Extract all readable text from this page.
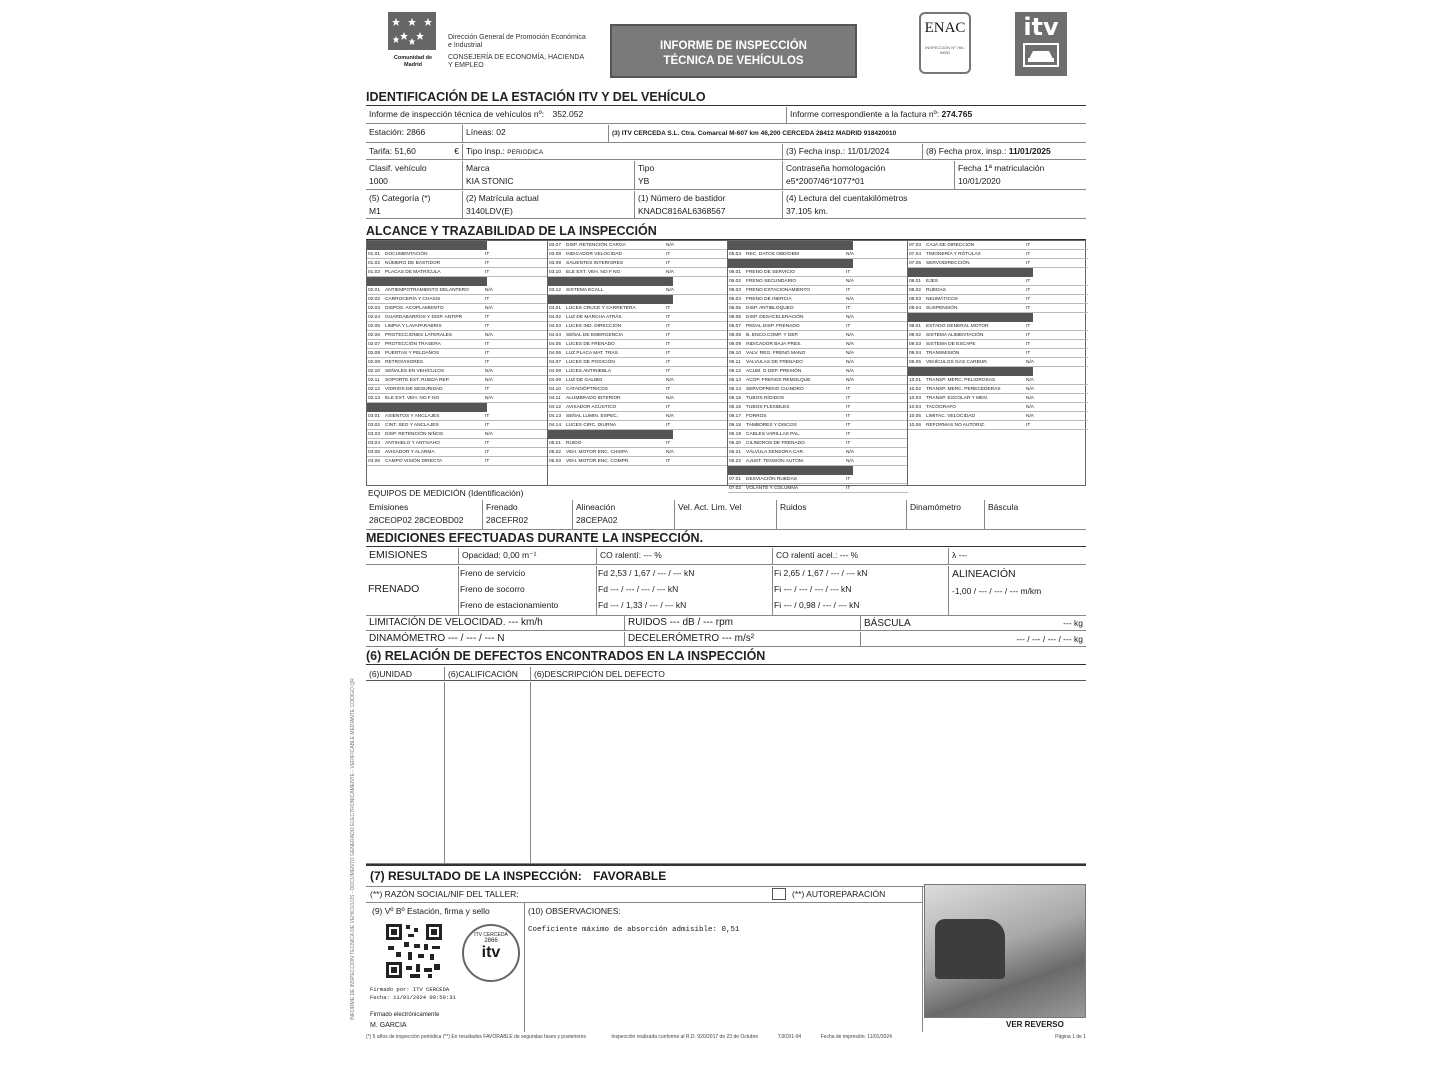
Comunidad de Madrid
Dirección General de Promoción Económica e Industrial
CONSEJERÍA DE ECONOMÍA, HACIENDA Y EMPLEO
INFORME DE INSPECCIÓN
TÉCNICA DE VEHÍCULOS
ENAC
INSPECCIÓN Nº 76/I-IN052
itv
IDENTIFICACIÓN DE LA ESTACIÓN ITV Y DEL VEHÍCULO
Informe de inspección técnica de vehículos nº: 352.052	Informe correspondiente a la factura nº: 274.765
Estación: 2866	Líneas: 02	(3) ITV CERCEDA S.L. Ctra. Comarcal M-607 km 46,200 CERCEDA 28412 MADRID 918420010
Tarifa: 51,60	€ Tipo insp.: PERIODICA	(3) Fecha insp.: 11/01/2024	(8) Fecha prox. insp.: 11/01/2025
Clasif. vehículo
1000
Marca
KIA STONIC
Tipo
YB
Contraseña homologación
e5*2007/46*1077*01
Fecha 1ª matriculación
10/01/2020
(5) Categoría (*)
M1
(2) Matrícula actual
3140LDV(E)
(1) Número de bastidor
KNADC816AL6368567
(4) Lectura del cuentakilómetros
37.105 km.
ALCANCE Y TRAZABILIDAD DE LA INSPECCIÓN
01.01 DOCUMENTACIÓN	IT
01.02 NÚMERO DE BASTIDOR	IT
01.03 PLACAS DE MATRÍCULA	IT
02.01 ANTIEMPOTRAMIENTO DELANTERO	N/A
02.02 CARROCERÍA Y CHASIS	IT
02.03 DISPOS. ACOPLAMIENTO	N/A
02.04 GUARDABARROS Y DISP. ANTIPR	IT
02.05 LIMPIA Y LAVAPARABRIS	IT
02.06 PROTECCIONES LATERALES	N/A
02.07 PROTECCIÓN TRASERA	IT
02.08 PUERTAS Y PELDAÑOS	IT
02.09 RETROVISORES	IT
02.10 SEÑALES EN VEHÍCULOS	N/A
02.11 SOPORTE EXT. RUEDA REP.	N/A
02.12 VIDRIOS DE SEGURIDAD	IT
02.13 ELE EXT. VEH. NO F NO	N/A
03.01 ASIENTOS Y ANCLAJES	IT
03.02 CINT. SEG Y ANCLAJES	IT
03.03 DISP. RETENCIÓN NIÑOS	N/A
03.04 ANTIHIELO Y ANTIVAHO	IT
03.05 AVISADOR Y ALARMA	IT
03.06 CAMPO VISIÓN DIRECTA	IT
03.07 DISP. RETENCIÓN CARGA	N/A
03.08 INDICADOR VELOCIDAD	IT
03.09 SALIENTES INTERIORES	IT
03.10 ELE EXT. VEH. NO F NO	N/A
03.12 SISTEMA ECALL	N/A
04.01 LUCES CRUCE Y CARRETERA	IT
04.02 LUZ DE MARCHA ATRÁS	IT
04.03 LUCES IND. DIRECCIÓN	IT
04.04 SEÑAL DE EMERGENCIA	IT
04.05 LUCES DE FRENADO	IT
04.06 LUZ PLACA MAT. TRAS.	IT
04.07 LUCES DE POSICIÓN	IT
04.08 LUCES ANTINIEBLA	IT
04.09 LUZ DE GALIBO	N/A
04.10 CATADIÓPTRICOS	IT
04.11 ALUMBRADO INTERIOR	N/A
04.12 AVISADOR ACÚSTICO	IT
04.13 SEÑAL LUMIN. ESPEC.	N/A
04.14 LUCES CIRC. DIURNA	IT
05.01 RUIDO	IT
05.02 VEH. MOTOR ENC. CHISPA	N/A
05.03 VEH. MOTOR ENC. COMPR.	IT
05.04 REC. DATOS OBD/OBM	N/A
06.01 FRENO DE SERVICIO	IT
06.02 FRENO SECUNDARIO	N/A
06.03 FRENO ESTACIONAMIENTO	IT
06.04 FRENO DE INERCIA	N/A
06.05 DISP. ANTIBLOQUEO	IT
06.06 DISP. DESACELERACIÓN	N/A
06.07 PEDAL DISP. FRENADO	IT
06.08 B. ENCO.COMP. Y DEP.	N/A
06.09 INDICADOR BAJA PRES.	N/A
06.10 VALV. REG. FRENO MANO	N/A
06.11 VALVULAS DE FRENADO	N/A
06.12 ACUM. O DEP. PRESIÓN	N/A
06.13 ACOP. FRENOS REMOLQUE	N/A
06.14 SERVOFRENO CILINDRO	IT
06.15 TUBOS RÍGIDOS	IT
06.16 TUBOS FLEXIBLES	IT
06.17 FORROS	IT
06.18 TAMBORES Y DISCOS	IT
06.19 CABLES VARILLAS PAL.	IT
06.20 CILINDROS DE FRENADO	IT
06.21 VÁLVULA SENSORA CAR.	N/A
06.22 AJUST. TENSIÓN AUTOM.	N/A
07.01 DESVIACIÓN RUEDAS	IT
07.02 VOLANTE Y COLUMNA	IT
07.03 CAJA DE DIRECCIÓN	IT
07.04 TIMONERÍA Y RÓTULAS	IT
07.05 SERVODIRECCIÓN	IT
08.01 EJES	IT
08.02 RUEDAS	IT
08.03 NEUMÁTICOS	IT
08.04 SUSPENSIÓN	IT
09.01 ESTADO GENERAL MOTOR	IT
09.02 SISTEMA ALIMENTACIÓN	IT
09.03 SISTEMA DE ESCAPE	IT
09.04 TRANSMISIÓN	IT
09.05 VEHÍCULOS GAS CARBUR.	N/A
10.01 TRANSP. MERC. PELIGROSAS	N/A
10.02 TRANSP. MERC. PERECEDERAS	N/A
10.03 TRANSP. ESCOLAR Y MEN.	N/A
10.04 TACÓGRAFO	N/A
10.05 LIMITAC. VELOCIDAD	N/A
10.06 REFORMAS NO AUTORIZ.	IT
EQUIPOS DE MEDICIÓN (Identificación)
Emisiones
28CEOP02 28CEOBD02
Frenado
28CEFR02
Alineación
28CEPA02
Vel. Act. Lim. Vel	Ruidos	Dinamómetro	Báscula
MEDICIONES EFECTUADAS DURANTE LA INSPECCIÓN.
EMISIONES	Opacidad: 0,00 m⁻¹	CO ralentí: --- %	CO ralentí acel.: --- %	λ ---
FRENADO
Freno de servicio	Fd 2,53 / 1,67 / --- / --- kN	Fi 2,65 / 1,67 / --- / --- kN
Freno de socorro	Fd --- / --- / --- / --- kN	Fi --- / --- / --- / --- kN
Freno de estacionamiento	Fd --- / 1,33 / --- / --- kN	Fi --- / 0,98 / --- / --- kN
ALINEACIÓN
-1,00 / --- / --- / --- m/km
LIMITACIÓN DE VELOCIDAD. --- km/h	RUIDOS --- dB / --- rpm	BÁSCULA	--- kg
DINAMÓMETRO --- / --- / --- N	DECELERÓMETRO --- m/s²	--- / --- / --- / --- kg
(6) RELACIÓN DE DEFECTOS ENCONTRADOS EN LA INSPECCIÓN
(6)UNIDAD	(6)CALIFICACIÓN	(6)DESCRIPCIÓN DEL DEFECTO
(7) RESULTADO DE LA INSPECCIÓN: FAVORABLE
(**) RAZÓN SOCIAL/NIF DEL TALLER:	(**) AUTOREPARACIÓN
(9) Vº Bº Estación, firma y sello	(10) OBSERVACIONES:
Coeficiente máximo de absorción admisible: 0,51
ITV CERCEDA
2866
itv
Firmado por: ITV CERCEDA
Fecha: 11/01/2024 09:59:31
Firmado electrónicamente
M. GARCIA	VER REVERSO
(*) 5 años de inspección periódica (**) En resultados FAVORABLE de segundas fases y posteriores	Inspección realizada conforme al R.D. 920/2017 de 23 de Octubre	T.003/1-04	Fecha de impresión: 11/01/2024	Página 1 de 1
INFORME DE INSPECCIÓN TÉCNICA DE VEHÍCULOS - DOCUMENTO GENERADO ELECTRÓNICAMENTE - VERIFICABLE MEDIANTE CÓDIGO QR
